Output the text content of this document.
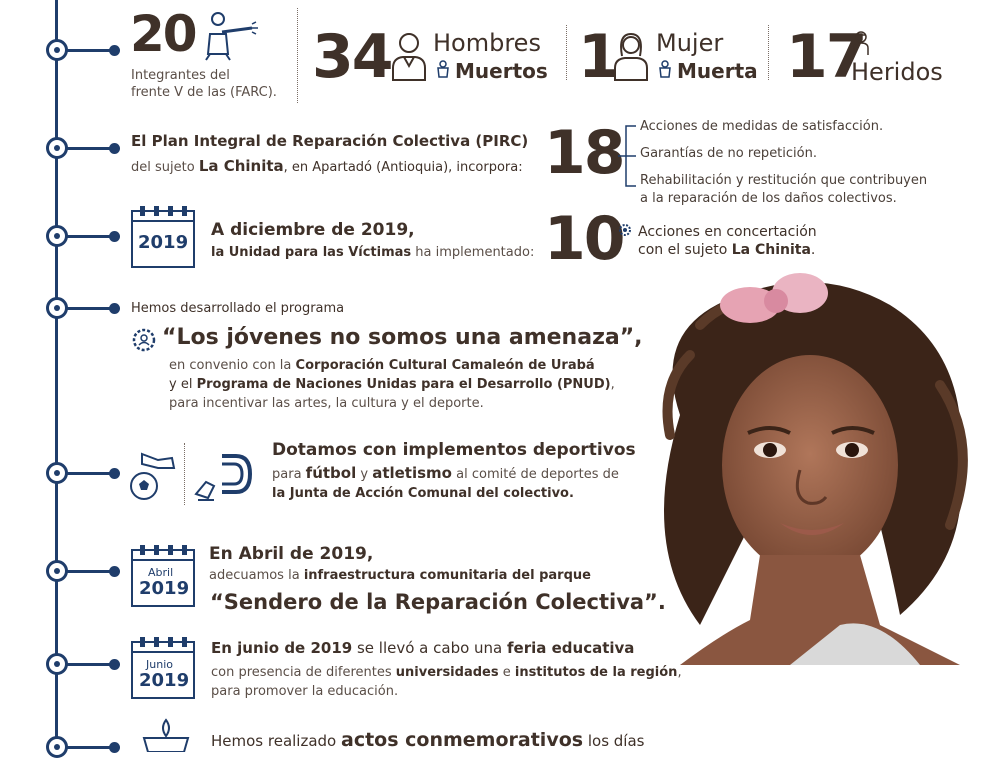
20
Integrantes del
frente V de las (FARC).
34 Hombres
Muertos 1 Mujer
Muerta 17
Heridos
El Plan Integral de Reparación Colectiva (PIRC)
del sujeto La Chinita, en Apartadó (Antioquia), incorpora: 18 Acciones de medidas de satisfacción.
Garantías de no repetición.
Rehabilitación y restitución que contribuyen
a la reparación de los daños colectivos.
2019
A diciembre de 2019,
la Unidad para las Víctimas ha implementado: 10 Acciones en concertación
con el sujeto La Chinita.
Hemos desarrollado el programa
“Los jóvenes no somos una amenaza”,
en convenio con la Corporación Cultural Camaleón de Urabá
y el Programa de Naciones Unidas para el Desarrollo (PNUD),
para incentivar las artes, la cultura y el deporte.
Dotamos con implementos deportivos
para fútbol y atletismo al comité de deportes de
la Junta de Acción Comunal del colectivo.
Abril
2019
En Abril de 2019,
adecuamos la infraestructura comunitaria del parque
“Sendero de la Reparación Colectiva”.
Junio
2019
En junio de 2019 se llevó a cabo una feria educativa
con presencia de diferentes universidades e institutos de la región,
para promover la educación.
Hemos realizado actos conmemorativos los días
